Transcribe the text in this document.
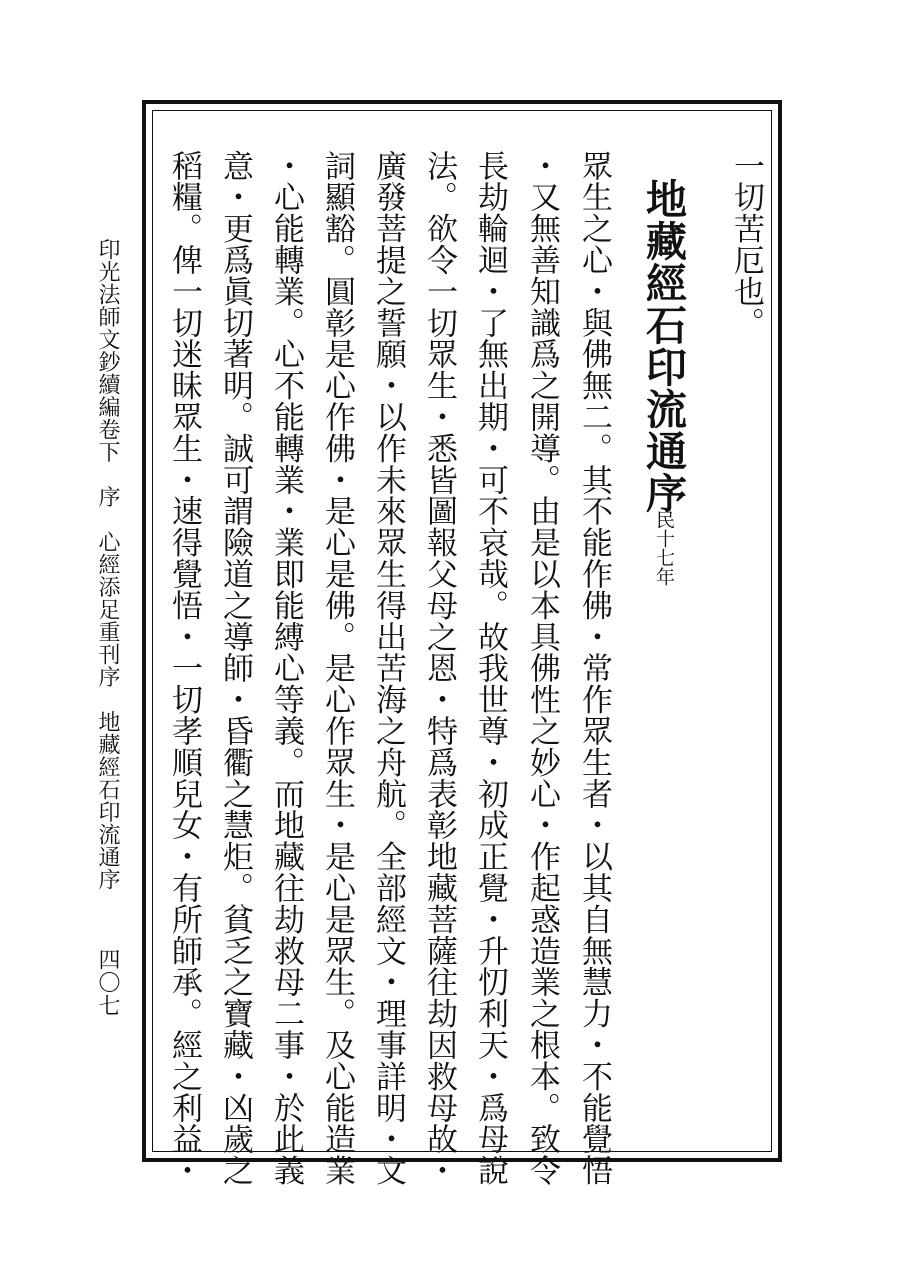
一切苦厄也。
地藏經石印流通序
民十七年
眾生之心・與佛無二。其不能作佛・常作眾生者・以其自無慧力・不能覺悟
・又無善知識爲之開導。由是以本具佛性之妙心・作起惑造業之根本。致令
長劫輪迴・了無出期・可不哀哉。故我世尊・初成正覺・升忉利天・爲母說
法。欲令一切眾生・悉皆圖報父母之恩・特爲表彰地藏菩薩往劫因救母故・
廣發菩提之誓願・以作未來眾生得出苦海之舟航。全部經文・理事詳明・文
詞顯豁。圓彰是心作佛・是心是佛。是心作眾生・是心是眾生。及心能造業
・心能轉業。心不能轉業・業即能縛心等義。而地藏往劫救母二事・於此義
意・更爲眞切著明。誠可謂險道之導師・昏衢之慧炬。貧乏之寶藏・凶歲之
稻糧。俾一切迷昧眾生・速得覺悟・一切孝順兒女・有所師承。經之利益・
印光法師文鈔續編卷下　序　心經添足重刊序　地藏經石印流通序
四〇七
